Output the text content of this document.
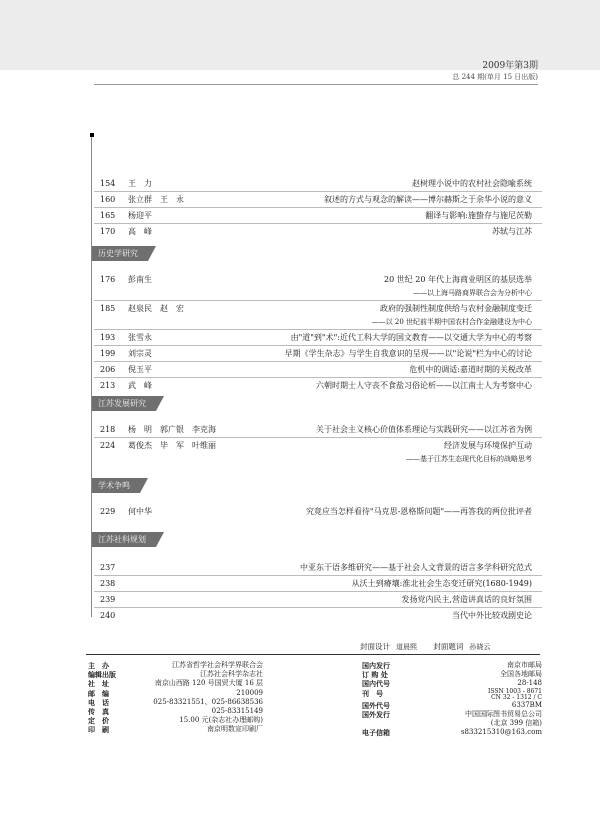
2009年第3期
总 244 期(单月 15 日出版)
154 王　力	赵树理小说中的农村社会隐喻系统
160 张立群　王　永	叙述的方式与观念的解读——博尔赫斯之于余华小说的意义
165 杨迎平	翻译与影响:施蛰存与施尼茨勒
170 高　峰	苏轼与江苏
历史学研究
176 彭南生	20 世纪 20 年代上海商业明区的基层选举
——以上海马路商界联合会为分析中心
185 赵泉民　赵　宏	政府的强制性制度供给与农村金融制度变迁
——以 20 世纪前半期中国农村合作金融建设为中心
193 张雪永	由"道"到"术":近代工科大学的国文教育——以交通大学为中心的考察
199 刘宗灵	早期《学生杂志》与学生自我意识的呈现——以"论说"栏为中心的讨论
206 倪玉平	危机中的调适:嘉道时期的关税改革
213 武　峰	六朝时期士人守丧不食盐习俗论析——以江南士人为考察中心
江苏发展研究
218 杨　明　郭广银　李克海	关于社会主义核心价值体系理论与实践研究——以江苏省为例
224 葛俊杰　毕　军　叶维丽	经济发展与环境保护互动
——基于江苏生态现代化目标的战略思考
学术争鸣
229 何中华	究竟应当怎样看待"马克思-恩格斯问题"——再答我的两位批评者
江苏社科规划
237	中亚东干语多维研究——基于社会人文背景的语言多学科研究范式
238	从沃土到瘠壤:淮北社会生态变迁研究(1680-1949)
239	发扬党内民主,营造讲真话的良好氛围
240	当代中外比较戏剧史论
封面设计 道晨熙 封面题词 孙晓云
主　办	江苏省哲学社会科学界联合会
编辑出版	江苏社会科学杂志社
社　址	南京山西路 120 号国贸大厦 16 层
邮　编	210009
电　话	025-83321551、025-86638536
传　真	025-83315149
定　价	15.00 元(杂志社办理邮购)
印　刷	南京明数宣印刷厂
国内发行	南京市邮局
订 购 处	全国各地邮局
国内代号	28-148
刊　号	ISSN 1003 - 8671
CN 32 - 1312 / C
国外代号	6337BM
国外发行	中国国际图书贸易总公司
(北京 399 信箱)
电子信箱	s833215310@163.com
